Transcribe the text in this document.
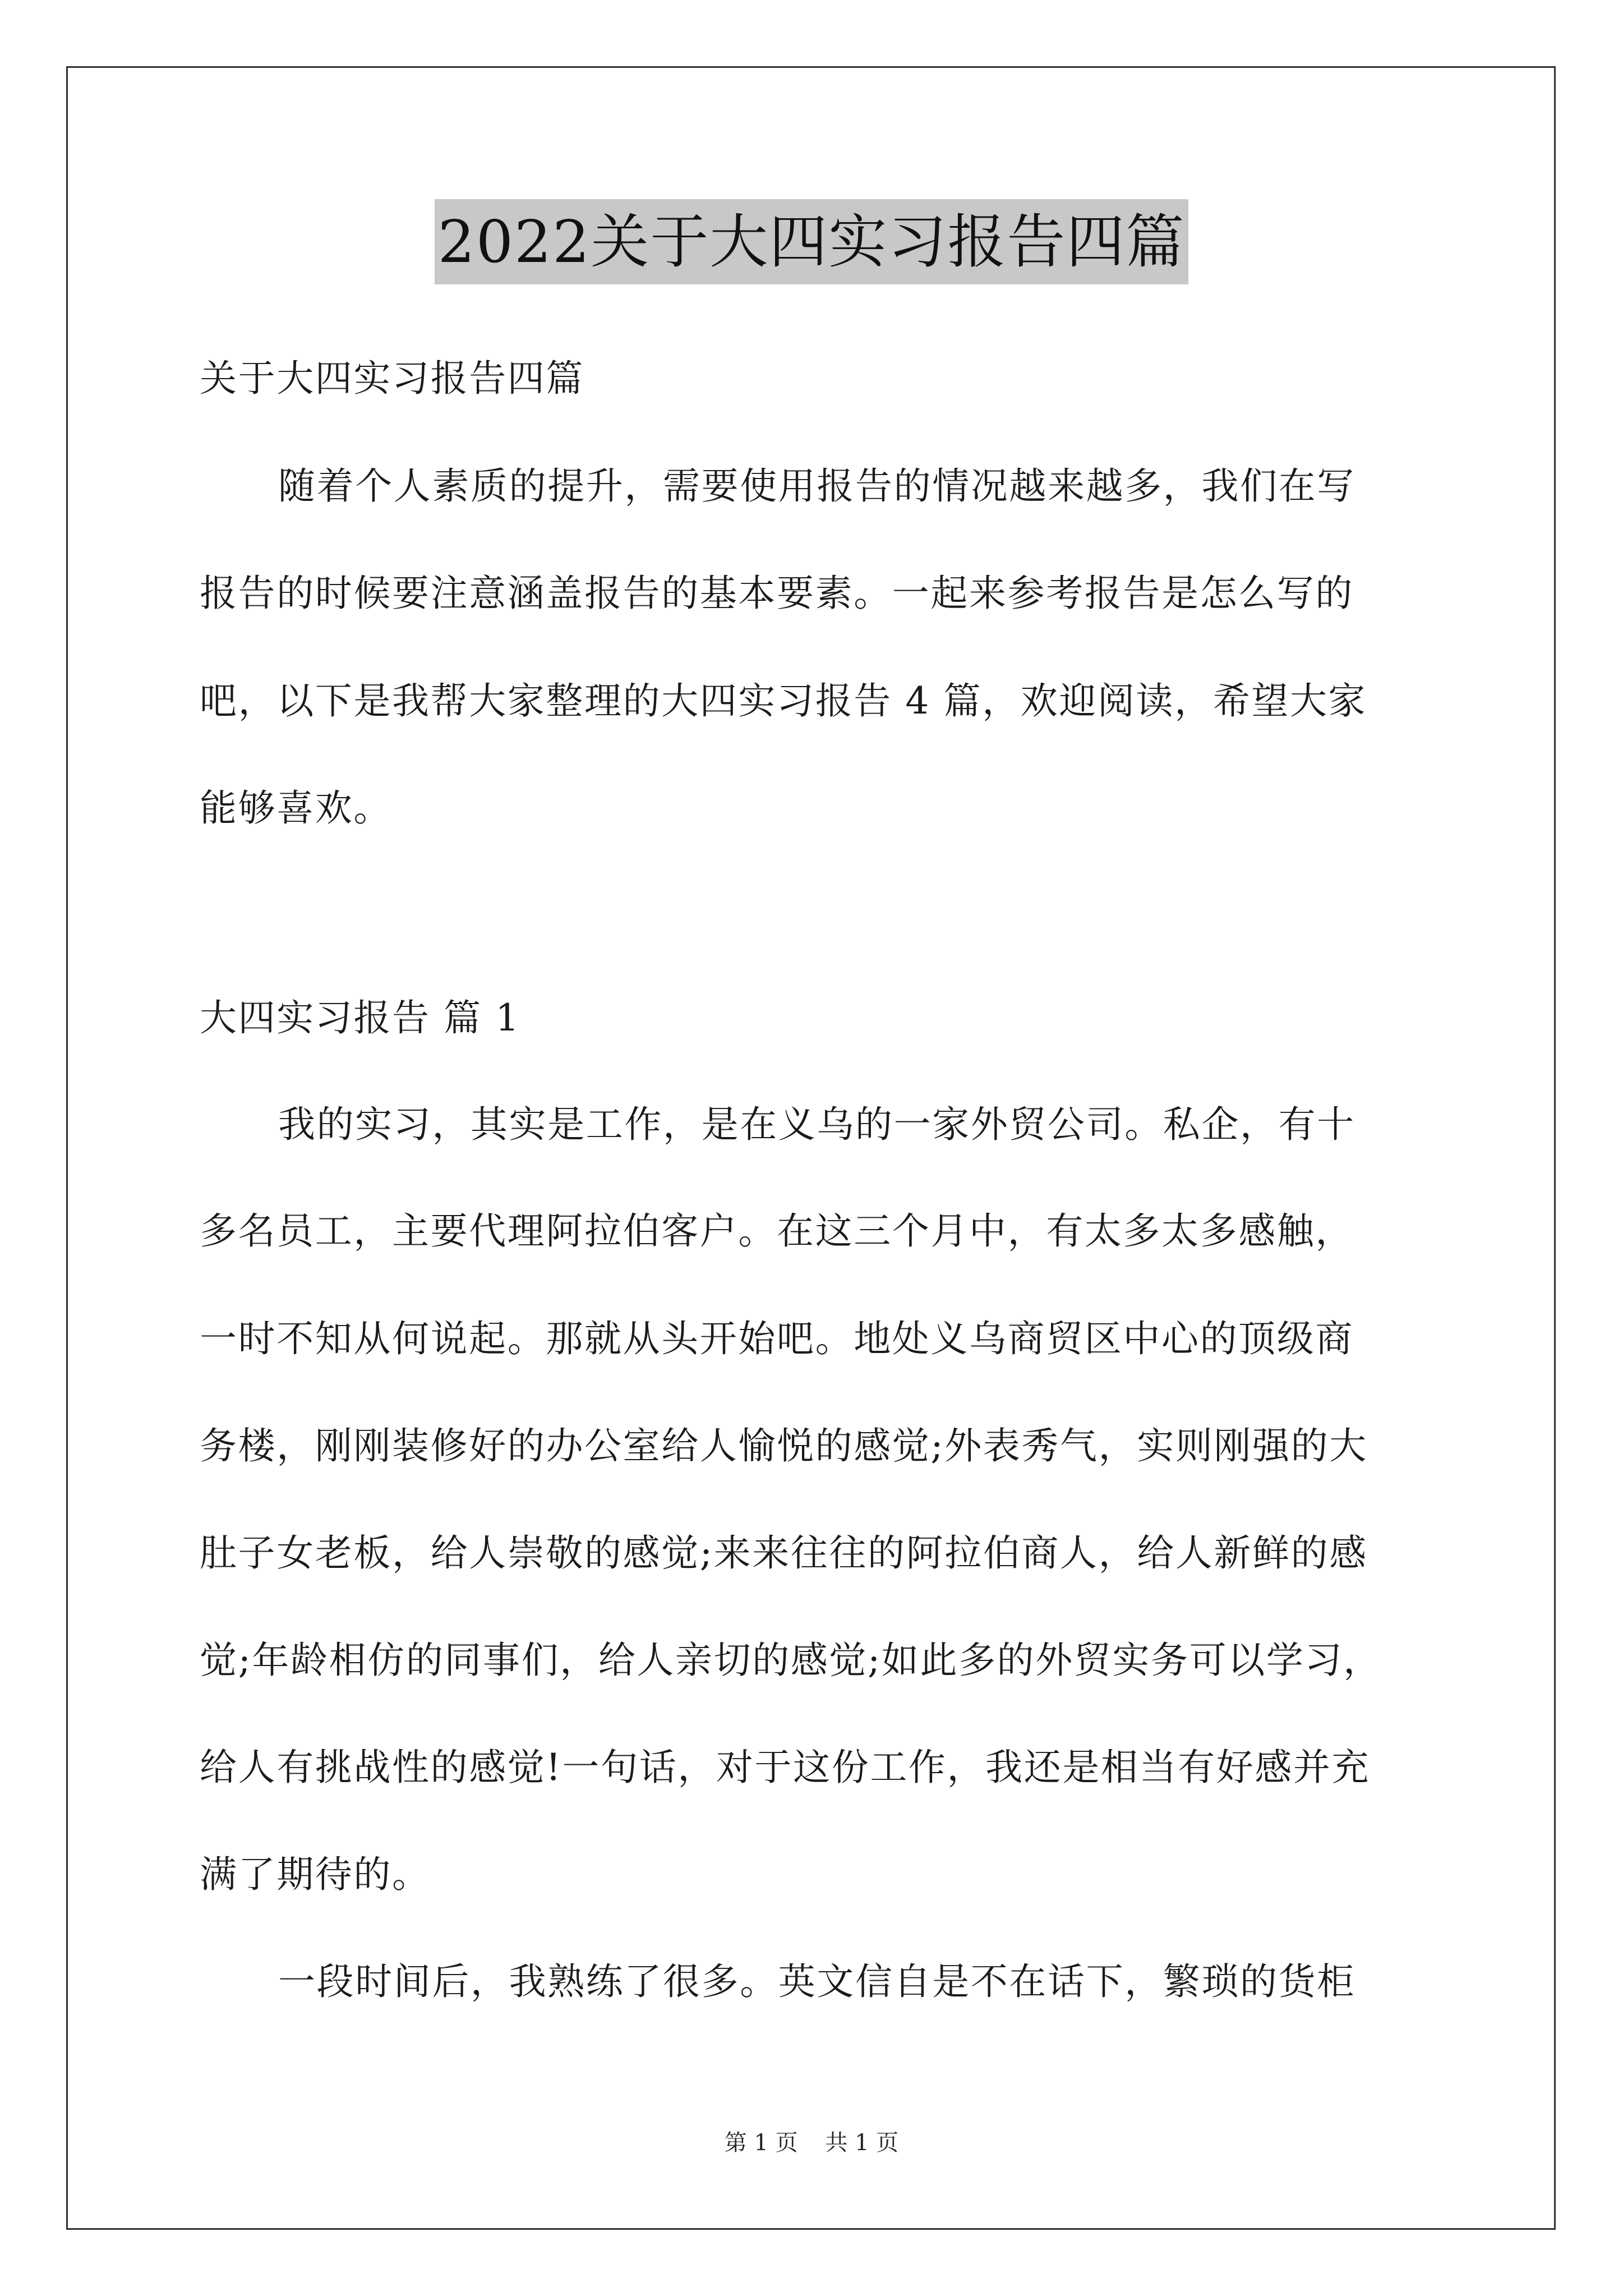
2022关于大四实习报告四篇
关于大四实习报告四篇
随着个人素质的提升，需要使用报告的情况越来越多，我们在写
报告的时候要注意涵盖报告的基本要素。一起来参考报告是怎么写的
吧，以下是我帮大家整理的大四实习报告 4 篇，欢迎阅读，希望大家
能够喜欢。
大四实习报告 篇 1
我的实习，其实是工作，是在义乌的一家外贸公司。私企，有十
多名员工，主要代理阿拉伯客户。在这三个月中，有太多太多感触，
一时不知从何说起。那就从头开始吧。地处义乌商贸区中心的顶级商
务楼，刚刚装修好的办公室给人愉悦的感觉;外表秀气，实则刚强的大
肚子女老板，给人崇敬的感觉;来来往往的阿拉伯商人，给人新鲜的感
觉;年龄相仿的同事们，给人亲切的感觉;如此多的外贸实务可以学习，
给人有挑战性的感觉!一句话，对于这份工作，我还是相当有好感并充
满了期待的。
一段时间后，我熟练了很多。英文信自是不在话下，繁琐的货柜
第 1 页 共 1 页
